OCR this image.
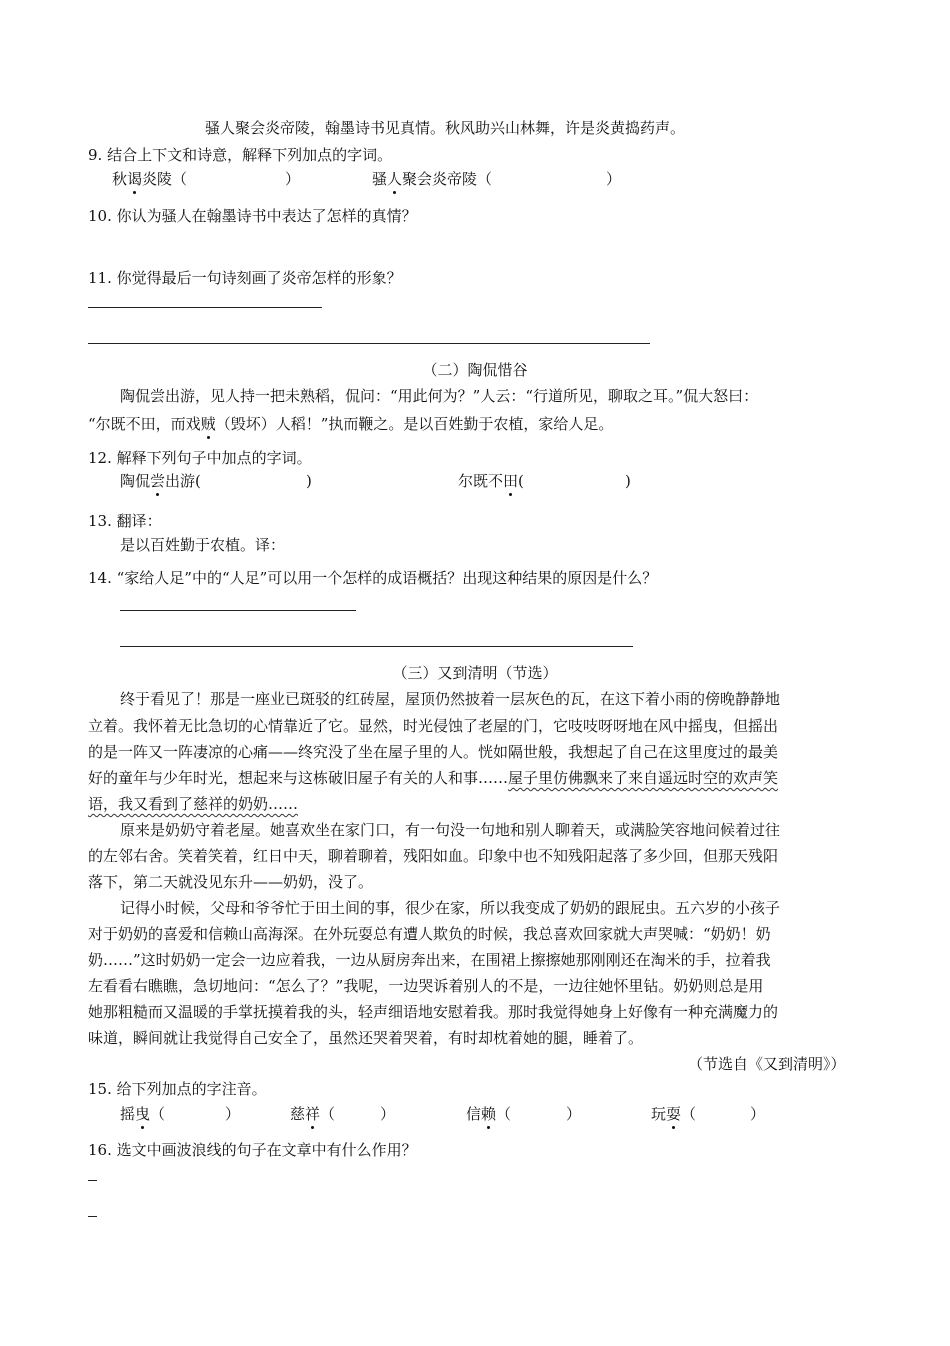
骚人聚会炎帝陵，翰墨诗书见真情。秋风助兴山林舞，许是炎黄捣药声。
9. 结合上下文和诗意，解释下列加点的字词。
秋谒炎陵（	）	骚人聚会炎帝陵（	）
10. 你认为骚人在翰墨诗书中表达了怎样的真情？
11. 你觉得最后一句诗刻画了炎帝怎样的形象？
（二）陶侃惜谷
陶侃尝出游，见人持一把未熟稻，侃问：“用此何为？”人云：“行道所见，聊取之耳。”侃大怒曰：
“尔既不田，而戏贼（毁坏）人稻！”执而鞭之。是以百姓勤于农植，家给人足。
12. 解释下列句子中加点的字词。
陶侃尝出游(	)	尔既不田(	)
13. 翻译：
是以百姓勤于农植。译：
14. “家给人足”中的“人足”可以用一个怎样的成语概括？出现这种结果的原因是什么？
（三）又到清明（节选）
终于看见了！那是一座业已斑驳的红砖屋，屋顶仍然披着一层灰色的瓦，在这下着小雨的傍晚静静地
立着。我怀着无比急切的心情靠近了它。显然，时光侵蚀了老屋的门，它吱吱呀呀地在风中摇曳，但摇出
的是一阵又一阵凄凉的心痛——终究没了坐在屋子里的人。恍如隔世般，我想起了自己在这里度过的最美
好的童年与少年时光，想起来与这栋破旧屋子有关的人和事……屋子里仿佛飘来了来自遥远时空的欢声笑
语，我又看到了慈祥的奶奶……
原来是奶奶守着老屋。她喜欢坐在家门口，有一句没一句地和别人聊着天，或满脸笑容地问候着过往
的左邻右舍。笑着笑着，红日中天，聊着聊着，残阳如血。印象中也不知残阳起落了多少回，但那天残阳
落下，第二天就没见东升——奶奶，没了。
记得小时候，父母和爷爷忙于田土间的事，很少在家，所以我变成了奶奶的跟屁虫。五六岁的小孩子
对于奶奶的喜爱和信赖山高海深。在外玩耍总有遭人欺负的时候，我总喜欢回家就大声哭喊：“奶奶！奶
奶……”这时奶奶一定会一边应着我，一边从厨房奔出来，在围裙上擦擦她那刚刚还在淘米的手，拉着我
左看看右瞧瞧，急切地问：“怎么了？”我呢，一边哭诉着别人的不是，一边往她怀里钻。奶奶则总是用
她那粗糙而又温暖的手掌抚摸着我的头，轻声细语地安慰着我。那时我觉得她身上好像有一种充满魔力的
味道，瞬间就让我觉得自己安全了，虽然还哭着哭着，有时却枕着她的腿，睡着了。
（节选自《又到清明》）
15. 给下列加点的字注音。
摇曳（	）	慈祥（	）	信赖（	）	玩耍（	）
16. 选文中画波浪线的句子在文章中有什么作用？
